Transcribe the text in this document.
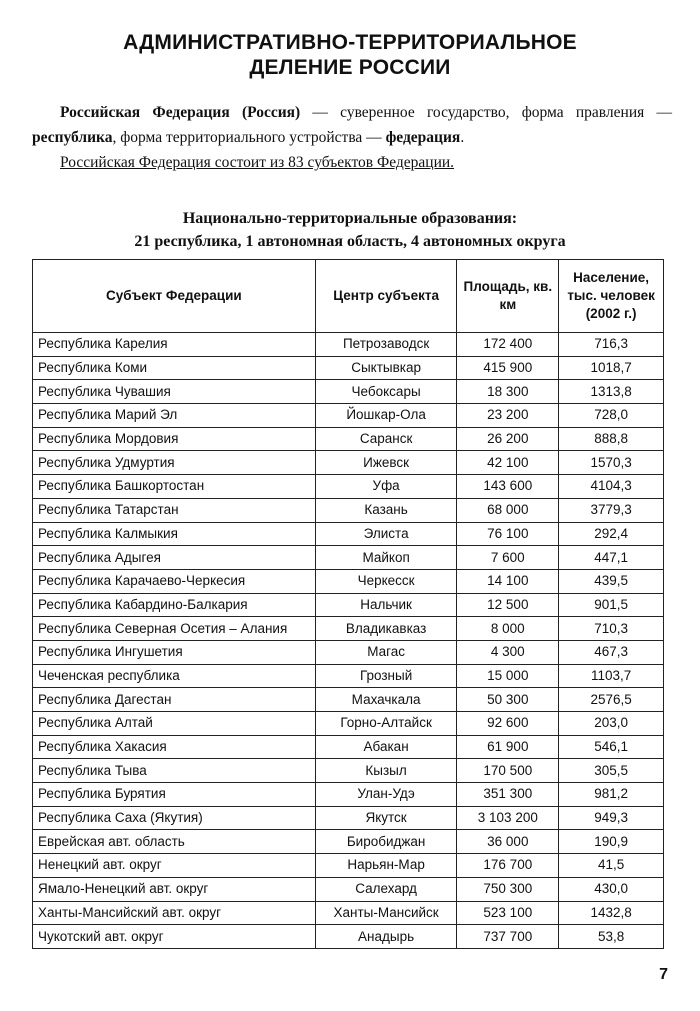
АДМИНИСТРАТИВНО-ТЕРРИТОРИАЛЬНОЕ
ДЕЛЕНИЕ РОССИИ

Российская Федерация (Россия) — суверенное государство, форма правления — республика, форма территориального устройства — федерация.

Российская Федерация состоит из 83 субъектов Федерации.

Национально-территориальные образования:
21 республика, 1 автономная область, 4 автономных округа
Субъект Федерации	Центр субъекта	Площадь, кв. км	Население, тыс. человек (2002 г.)
Республика Карелия	Петрозаводск	172 400	716,3
Республика Коми	Сыктывкар	415 900	1018,7
Республика Чувашия	Чебоксары	18 300	1313,8
Республика Марий Эл	Йошкар-Ола	23 200	728,0
Республика Мордовия	Саранск	26 200	888,8
Республика Удмуртия	Ижевск	42 100	1570,3
Республика Башкортостан	Уфа	143 600	4104,3
Республика Татарстан	Казань	68 000	3779,3
Республика Калмыкия	Элиста	76 100	292,4
Республика Адыгея	Майкоп	7 600	447,1
Республика Карачаево-Черкесия	Черкесск	14 100	439,5
Республика Кабардино-Балкария	Нальчик	12 500	901,5
Республика Северная Осетия – Алания	Владикавказ	8 000	710,3
Республика Ингушетия	Магас	4 300	467,3
Чеченская республика	Грозный	15 000	1103,7
Республика Дагестан	Махачкала	50 300	2576,5
Республика Алтай	Горно-Алтайск	92 600	203,0
Республика Хакасия	Абакан	61 900	546,1
Республика Тыва	Кызыл	170 500	305,5
Республика Бурятия	Улан-Удэ	351 300	981,2
Республика Саха (Якутия)	Якутск	3 103 200	949,3
Еврейская авт. область	Биробиджан	36 000	190,9
Ненецкий авт. округ	Нарьян-Мар	176 700	41,5
Ямало-Ненецкий авт. округ	Салехард	750 300	430,0
Ханты-Мансийский авт. округ	Ханты-Мансийск	523 100	1432,8
Чукотский авт. округ	Анадырь	737 700	53,8
7
